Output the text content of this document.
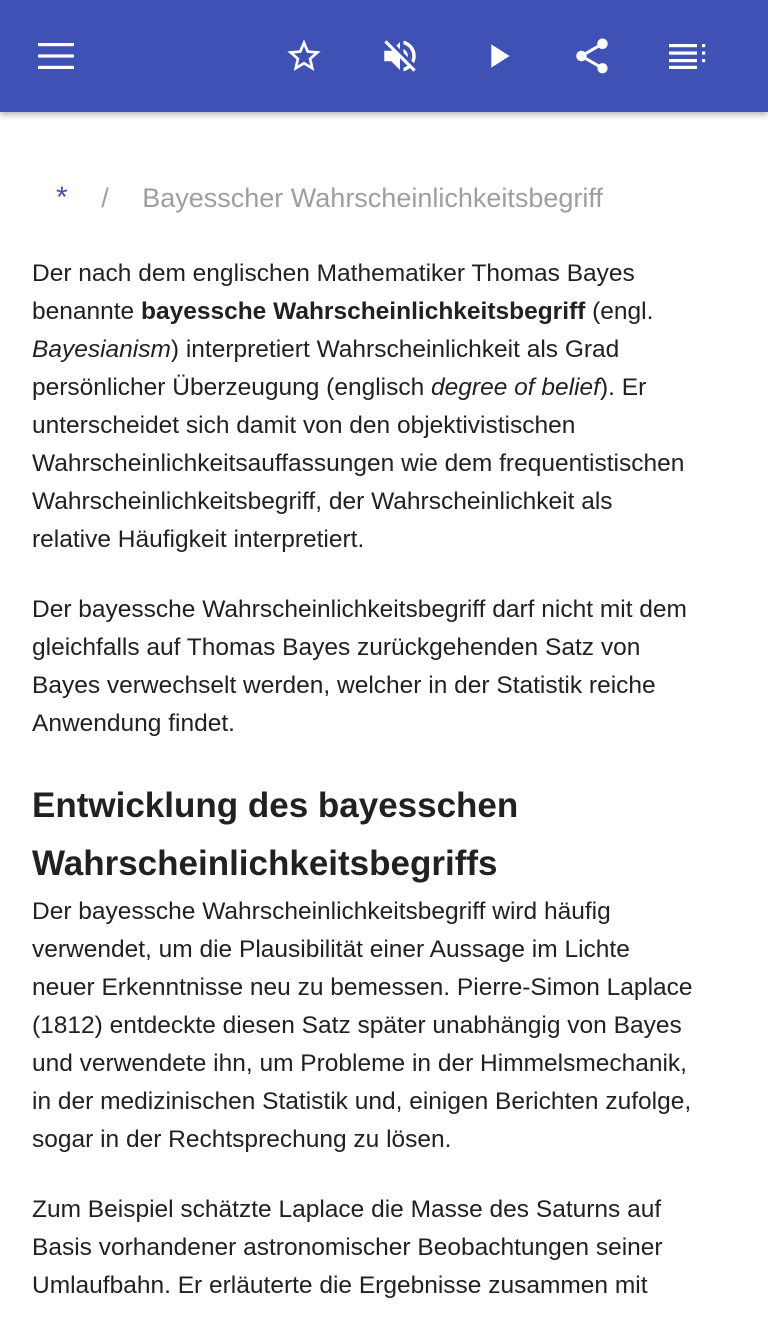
* / Bayesscher Wahrscheinlichkeitsbegriff

Der nach dem englischen Mathematiker Thomas Bayes
benannte bayessche Wahrscheinlichkeitsbegriff (engl.
Bayesianism) interpretiert Wahrscheinlichkeit als Grad
persönlicher Überzeugung (englisch degree of belief). Er
unterscheidet sich damit von den objektivistischen
Wahrscheinlichkeitsauffassungen wie dem frequentistischen
Wahrscheinlichkeitsbegriff, der Wahrscheinlichkeit als
relative Häufigkeit interpretiert.

Der bayessche Wahrscheinlichkeitsbegriff darf nicht mit dem
gleichfalls auf Thomas Bayes zurückgehenden Satz von
Bayes verwechselt werden, welcher in der Statistik reiche
Anwendung findet.

Entwicklung des bayesschen
Wahrscheinlichkeitsbegriffs

Der bayessche Wahrscheinlichkeitsbegriff wird häufig
verwendet, um die Plausibilität einer Aussage im Lichte
neuer Erkenntnisse neu zu bemessen. Pierre-Simon Laplace
(1812) entdeckte diesen Satz später unabhängig von Bayes
und verwendete ihn, um Probleme in der Himmelsmechanik,
in der medizinischen Statistik und, einigen Berichten zufolge,
sogar in der Rechtsprechung zu lösen.

Zum Beispiel schätzte Laplace die Masse des Saturns auf
Basis vorhandener astronomischer Beobachtungen seiner
Umlaufbahn. Er erläuterte die Ergebnisse zusammen mit
